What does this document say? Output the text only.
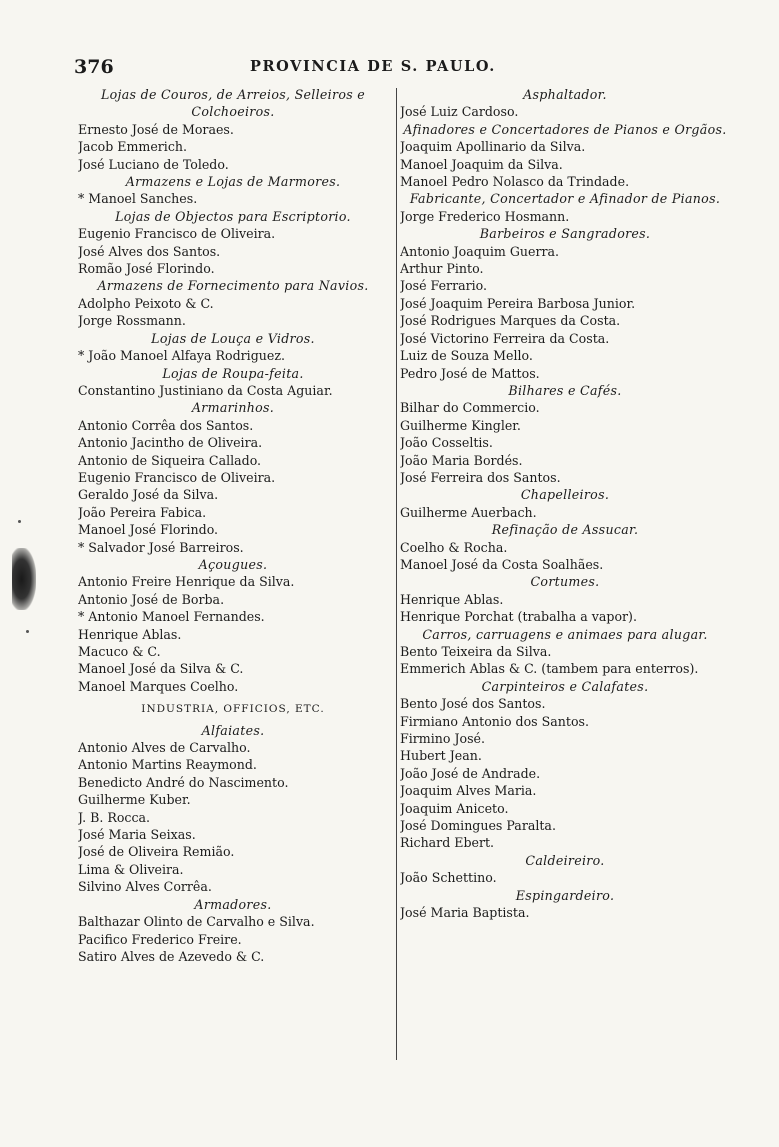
376	PROVINCIA DE S. PAULO.
Lojas de Couros, de Arreios, Selleiros e Colchoeiros.
Ernesto José de Moraes.
Jacob Emmerich.
José Luciano de Toledo.
Armazens e Lojas de Marmores.
* Manoel Sanches.
Lojas de Objectos para Escriptorio.
Eugenio Francisco de Oliveira.
José Alves dos Santos.
Romão José Florindo.
Armazens de Fornecimento para Navios.
Adolpho Peixoto & C.
Jorge Rossmann.
Lojas de Louça e Vidros.
* João Manoel Alfaya Rodriguez.
Lojas de Roupa-feita.
Constantino Justiniano da Costa Aguiar.
Armarinhos.
Antonio Corrêa dos Santos.
Antonio Jacintho de Oliveira.
Antonio de Siqueira Callado.
Eugenio Francisco de Oliveira.
Geraldo José da Silva.
João Pereira Fabica.
Manoel José Florindo.
* Salvador José Barreiros.
Açougues.
Antonio Freire Henrique da Silva.
Antonio José de Borba.
* Antonio Manoel Fernandes.
Henrique Ablas.
Macuco & C.
Manoel José da Silva & C.
Manoel Marques Coelho.
INDUSTRIA, OFFICIOS, ETC.
Alfaiates.
Antonio Alves de Carvalho.
Antonio Martins Reaymond.
Benedicto André do Nascimento.
Guilherme Kuber.
J. B. Rocca.
José Maria Seixas.
José de Oliveira Remião.
Lima & Oliveira.
Silvino Alves Corrêa.
Armadores.
Balthazar Olinto de Carvalho e Silva.
Pacifico Frederico Freire.
Satiro Alves de Azevedo & C.
Asphaltador.
José Luiz Cardoso.
Afinadores e Concertadores de Pianos e Orgãos.
Joaquim Apollinario da Silva.
Manoel Joaquim da Silva.
Manoel Pedro Nolasco da Trindade.
Fabricante, Concertador e Afinador de Pianos.
Jorge Frederico Hosmann.
Barbeiros e Sangradores.
Antonio Joaquim Guerra.
Arthur Pinto.
José Ferrario.
José Joaquim Pereira Barbosa Junior.
José Rodrigues Marques da Costa.
José Victorino Ferreira da Costa.
Luiz de Souza Mello.
Pedro José de Mattos.
Bilhares e Cafés.
Bilhar do Commercio.
Guilherme Kingler.
João Cosseltis.
João Maria Bordés.
José Ferreira dos Santos.
Chapelleiros.
Guilherme Auerbach.
Refinação de Assucar.
Coelho & Rocha.
Manoel José da Costa Soalhães.
Cortumes.
Henrique Ablas.
Henrique Porchat (trabalha a vapor).
Carros, carruagens e animaes para alugar.
Bento Teixeira da Silva.
Emmerich Ablas & C. (tambem para enterros).
Carpinteiros e Calafates.
Bento José dos Santos.
Firmiano Antonio dos Santos.
Firmino José.
Hubert Jean.
João José de Andrade.
Joaquim Alves Maria.
Joaquim Aniceto.
José Domingues Paralta.
Richard Ebert.
Caldeireiro.
João Schettino.
Espingardeiro.
José Maria Baptista.
